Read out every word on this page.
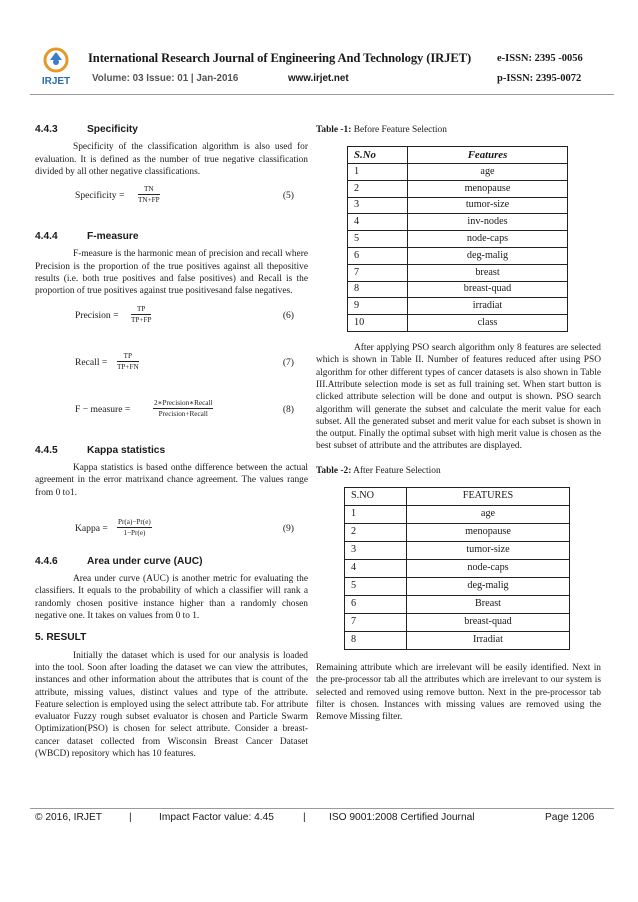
IRJET
International Research Journal of Engineering And Technology (IRJET) e-ISSN: 2395 -0056
Volume: 03 Issue: 01 | Jan-2016	www.irjet.net	p-ISSN: 2395-0072
4.4.3	Specificity

Specificity of the classification algorithm is also used for evaluation. It is defined as the number of true negative classification divided by all other negative classifications.

Specificity = $\frac{TN}{TN+FP}$	(5)
4.4.4	F-measure

F-measure is the harmonic mean of precision and recall where Precision is the proportion of the true positives against all thepositive results (i.e. both true positives and false positives) and Recall is the proportion of true positives against true positivesand false negatives.

Precision = $\frac{TP}{TP+FP}$	(6)
Recall = $\frac{TP}{TP+FN}$	(7)
F − measure =
2∗Precision∗Recall
Precision+Recall	(8)
4.4.5	Kappa statistics

Kappa statistics is based onthe difference between the actual agreement in the error matrixand chance agreement. The values range from 0 to1.

Kappa = $\frac{Pr(a)-Pr(e)}{1-Pr(e)}$	(9)
4.4.6	Area under curve (AUC)

Area under curve (AUC) is another metric for evaluating the classifiers. It equals to the probability of which a classifier will rank a randomly chosen positive instance higher than a randomly chosen negative one. It takes on values from 0 to 1.

5. RESULT

Initially the dataset which is used for our analysis is loaded into the tool. Soon after loading the dataset we can view the attributes, instances and other information about the attributes that is count of the attribute, missing values, distinct values and type of the attribute. Feature selection is employed using the select attribute tab. For attribute evaluator Fuzzy rough subset evaluator is chosen and Particle Swarm Optimization(PSO) is chosen for select attribute. Consider a breast-cancer dataset collected from Wisconsin Breast Cancer Dataset (WBCD) repository which has 10 features.

Table -1: Before Feature Selection
S.No	Features
1	age
2	menopause
3	tumor-size
4	inv-nodes
5	node-caps
6	deg-malig
7	breast
8	breast-quad
9	irradiat
10	class

After applying PSO search algorithm only 8 features are selected which is shown in Table II. Number of features reduced after using PSO algorithm for other different types of cancer datasets is also shown in Table III.Attribute selection mode is set as full training set. When start button is clicked attribute selection will be done and output is shown. PSO search algorithm will generate the subset and calculate the merit value for each subset. All the generated subset and merit value for each subset is shown in the output. Finally the optimal subset with high merit value is chosen as the best subset of attribute and the attributes are displayed.

Table -2: After Feature Selection
S.NO	FEATURES
1	age
2	menopause
3	tumor-size
4	node-caps
5	deg-malig
6	Breast
7	breast-quad
8	Irradiat

Remaining attribute which are irrelevant will be easily identified. Next in the pre-processor tab all the attributes which are irrelevant to our system is selected and removed using remove button. Next in the pre-processor tab filter is chosen. Instances with missing values are removed using the Remove Missing filter.

© 2016, IRJET	|	Impact Factor value: 4.45	| ISO 9001:2008 Certified Journal	Page 1206
